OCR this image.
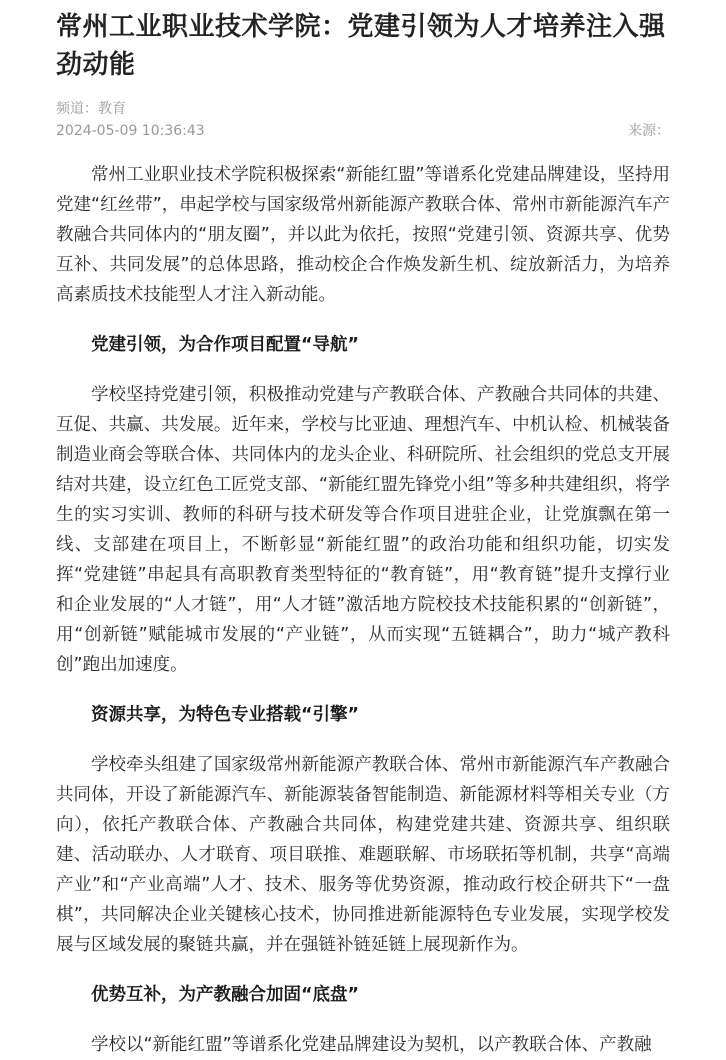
常州工业职业技术学院：党建引领为人才培养注入强劲动能
频道：教育
2024-05-09 10:36:43	来源：

常州工业职业技术学院积极探索“新能红盟”等谱系化党建品牌建设，坚持用党建“红丝带”，串起学校与国家级常州新能源产教联合体、常州市新能源汽车产教融合共同体内的“朋友圈”，并以此为依托，按照“党建引领、资源共享、优势互补、共同发展”的总体思路，推动校企合作焕发新生机、绽放新活力，为培养高素质技术技能型人才注入新动能。

党建引领，为合作项目配置“导航”

学校坚持党建引领，积极推动党建与产教联合体、产教融合共同体的共建、互促、共赢、共发展。近年来，学校与比亚迪、理想汽车、中机认检、机械装备制造业商会等联合体、共同体内的龙头企业、科研院所、社会组织的党总支开展结对共建，设立红色工匠党支部、“新能红盟先锋党小组”等多种共建组织，将学生的实习实训、教师的科研与技术研发等合作项目进驻企业，让党旗飘在第一线、支部建在项目上，不断彰显“新能红盟”的政治功能和组织功能，切实发挥“党建链”串起具有高职教育类型特征的“教育链”，用“教育链”提升支撑行业和企业发展的“人才链”，用“人才链”激活地方院校技术技能积累的“创新链”，用“创新链”赋能城市发展的“产业链”，从而实现“五链耦合”，助力“城产教科创”跑出加速度。

资源共享，为特色专业搭载“引擎”

学校牵头组建了国家级常州新能源产教联合体、常州市新能源汽车产教融合共同体，开设了新能源汽车、新能源装备智能制造、新能源材料等相关专业（方向），依托产教联合体、产教融合共同体，构建党建共建、资源共享、组织联建、活动联办、人才联育、项目联推、难题联解、市场联拓等机制，共享“高端产业”和“产业高端”人才、技术、服务等优势资源，推动政行校企研共下“一盘棋”，共同解决企业关键核心技术，协同推进新能源特色专业发展，实现学校发展与区域发展的聚链共赢，并在强链补链延链上展现新作为。

优势互补，为产教融合加固“底盘”

学校以“新能红盟”等谱系化党建品牌建设为契机，以产教联合体、产教融
